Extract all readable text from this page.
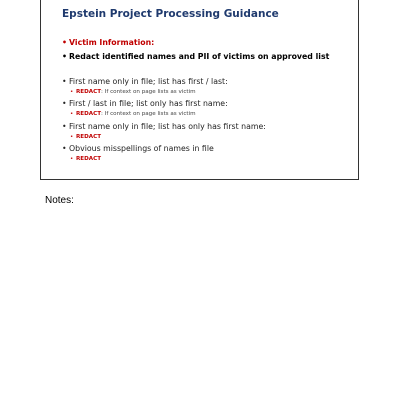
Epstein Project Processing Guidance
• Victim Information:
• Redact identified names and PII of victims on approved list
• First name only in file; list has first / last:
• REDACT: If context on page lists as victim
• First / last in file; list only has first name:
• REDACT: If context on page lists as victim
• First name only in file; list has only has first name:
• REDACT
• Obvious misspellings of names in file
• REDACT
Notes:
